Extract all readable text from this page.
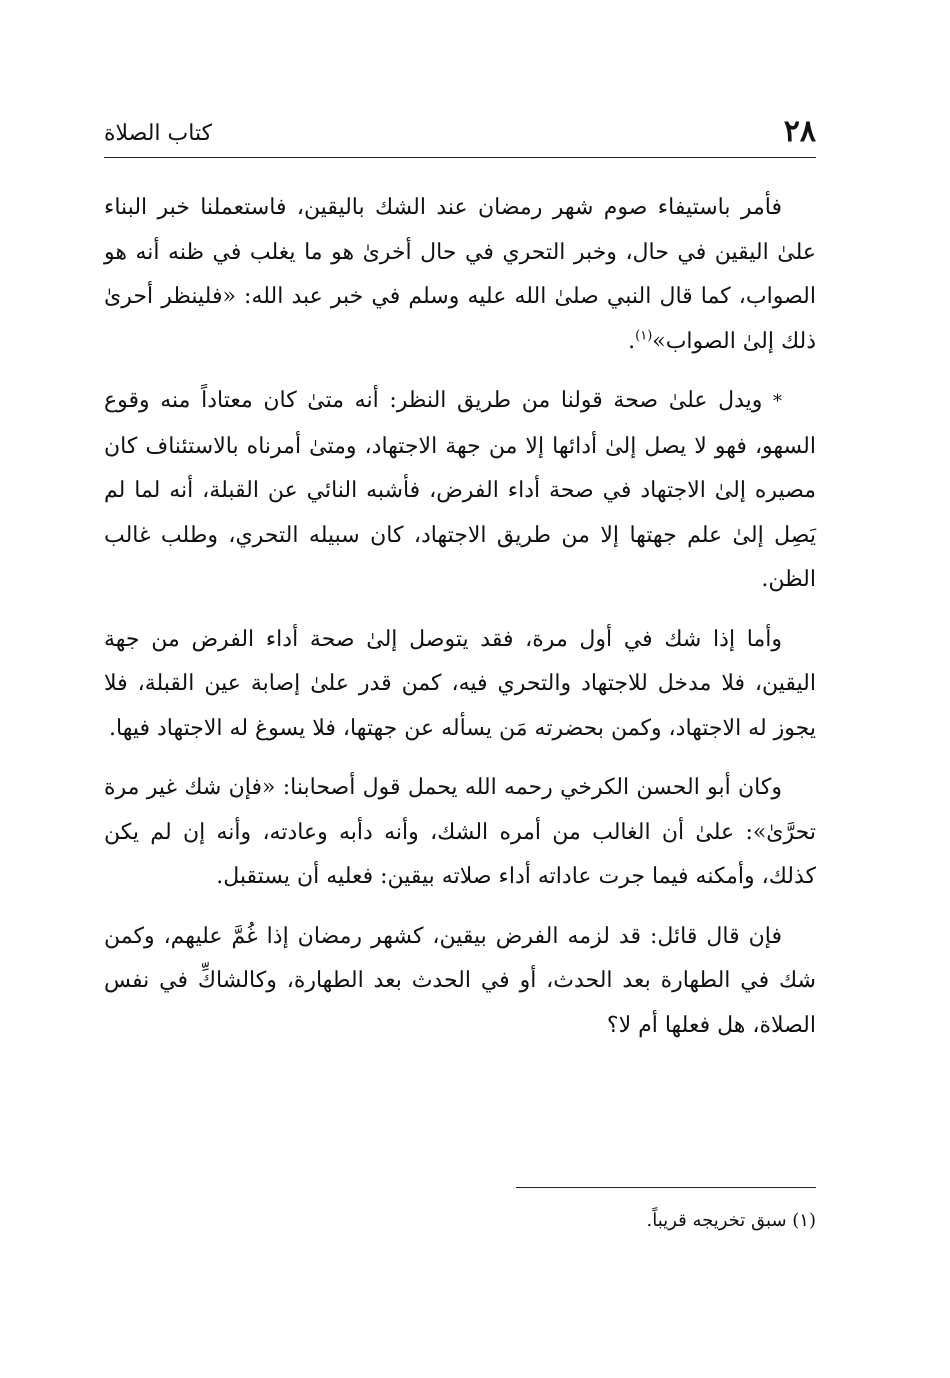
٢٨
كتاب الصلاة

فأمر باستيفاء صوم شهر رمضان عند الشك باليقين، فاستعملنا خبر البناء علىٰ اليقين في حال، وخبر التحري في حال أخرىٰ هو ما يغلب في ظنه أنه هو الصواب، كما قال النبي صلىٰ الله عليه وسلم في خبر عبد الله: «فلينظر أحرىٰ ذلك إلىٰ الصواب»$^{(١)}$.

* ويدل علىٰ صحة قولنا من طريق النظر: أنه متىٰ كان معتاداً منه وقوع السهو، فهو لا يصل إلىٰ أدائها إلا من جهة الاجتهاد، ومتىٰ أمرناه بالاستئناف كان مصيره إلىٰ الاجتهاد في صحة أداء الفرض، فأشبه النائي عن القبلة، أنه لما لم يَصِل إلىٰ علم جهتها إلا من طريق الاجتهاد، كان سبيله التحري، وطلب غالب الظن.

وأما إذا شك في أول مرة، فقد يتوصل إلىٰ صحة أداء الفرض من جهة اليقين، فلا مدخل للاجتهاد والتحري فيه، كمن قدر علىٰ إصابة عين القبلة، فلا يجوز له الاجتهاد، وكمن بحضرته مَن يسأله عن جهتها، فلا يسوغ له الاجتهاد فيها.

وكان أبو الحسن الكرخي رحمه الله يحمل قول أصحابنا: «فإن شك غير مرة تحرَّىٰ»: علىٰ أن الغالب من أمره الشك، وأنه دأبه وعادته، وأنه إن لم يكن كذلك، وأمكنه فيما جرت عاداته أداء صلاته بيقين: فعليه أن يستقبل.

فإن قال قائل: قد لزمه الفرض بيقين، كشهر رمضان إذا غُمَّ عليهم، وكمن شك في الطهارة بعد الحدث، أو في الحدث بعد الطهارة، وكالشاكِّ في نفس الصلاة، هل فعلها أم لا؟

(١) سبق تخريجه قريباً.
